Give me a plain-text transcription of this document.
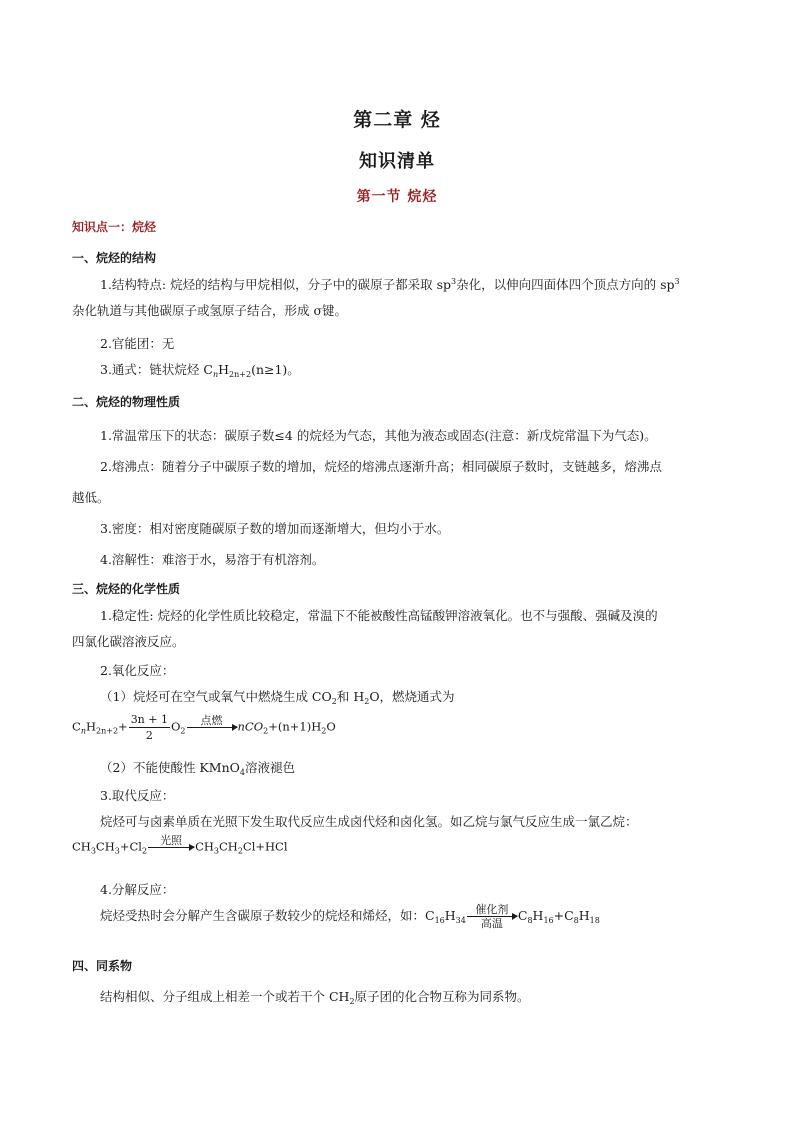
第二章 烃
知识清单
第一节 烷烃
知识点一：烷烃
一、烷烃的结构
1.结构特点: 烷烃的结构与甲烷相似，分子中的碳原子都采取 $sp^3$杂化，以伸向四面体四个顶点方向的 $sp^3$
杂化轨道与其他碳原子或氢原子结合，形成 σ键。
2.官能团：无
3.通式：链状烷烃 $C_nH_{2n+2}(n\ge 1)$。
二、烷烃的物理性质
1.常温常压下的状态：碳原子数≤4 的烷烃为气态，其他为液态或固态(注意：新戊烷常温下为气态)。
2.熔沸点：随着分子中碳原子数的增加，烷烃的熔沸点逐渐升高；相同碳原子数时，支链越多，熔沸点
越低。
3.密度：相对密度随碳原子数的增加而逐渐增大，但均小于水。
4.溶解性：难溶于水，易溶于有机溶剂。
三、烷烃的化学性质
1.稳定性: 烷烃的化学性质比较稳定，常温下不能被酸性高锰酸钾溶液氧化。也不与强酸、强碱及溴的
四氯化碳溶液反应。
2.氧化反应：
（1）烷烃可在空气或氧气中燃烧生成 $CO_2$和 $H_2O$，燃烧通式为
$C_nH_{2n+2}+ \frac{3n + 1}{2} O_2$
点燃
	$nCO_2+(n+1)H_2O$
（2）不能使酸性 KMnO$_4$溶液褪色
3.取代反应：
烷烃可与卤素单质在光照下发生取代反应生成卤代烃和卤化氢。如乙烷与氯气反应生成一氯乙烷：
$CH_3CH_3+Cl_2$
光照
	$CH_3CH_2Cl+HCl$
4.分解反应：
烷烃受热时会分解产生含碳原子数较少的烷烃和烯烃，如：$C_{16}H_{34}$
催化剂
高温
$C_8H_{16}+C_8H_{18}$
四、同系物
结构相似、分子组成上相差一个或若干个 $CH_2$原子团的化合物互称为同系物。
